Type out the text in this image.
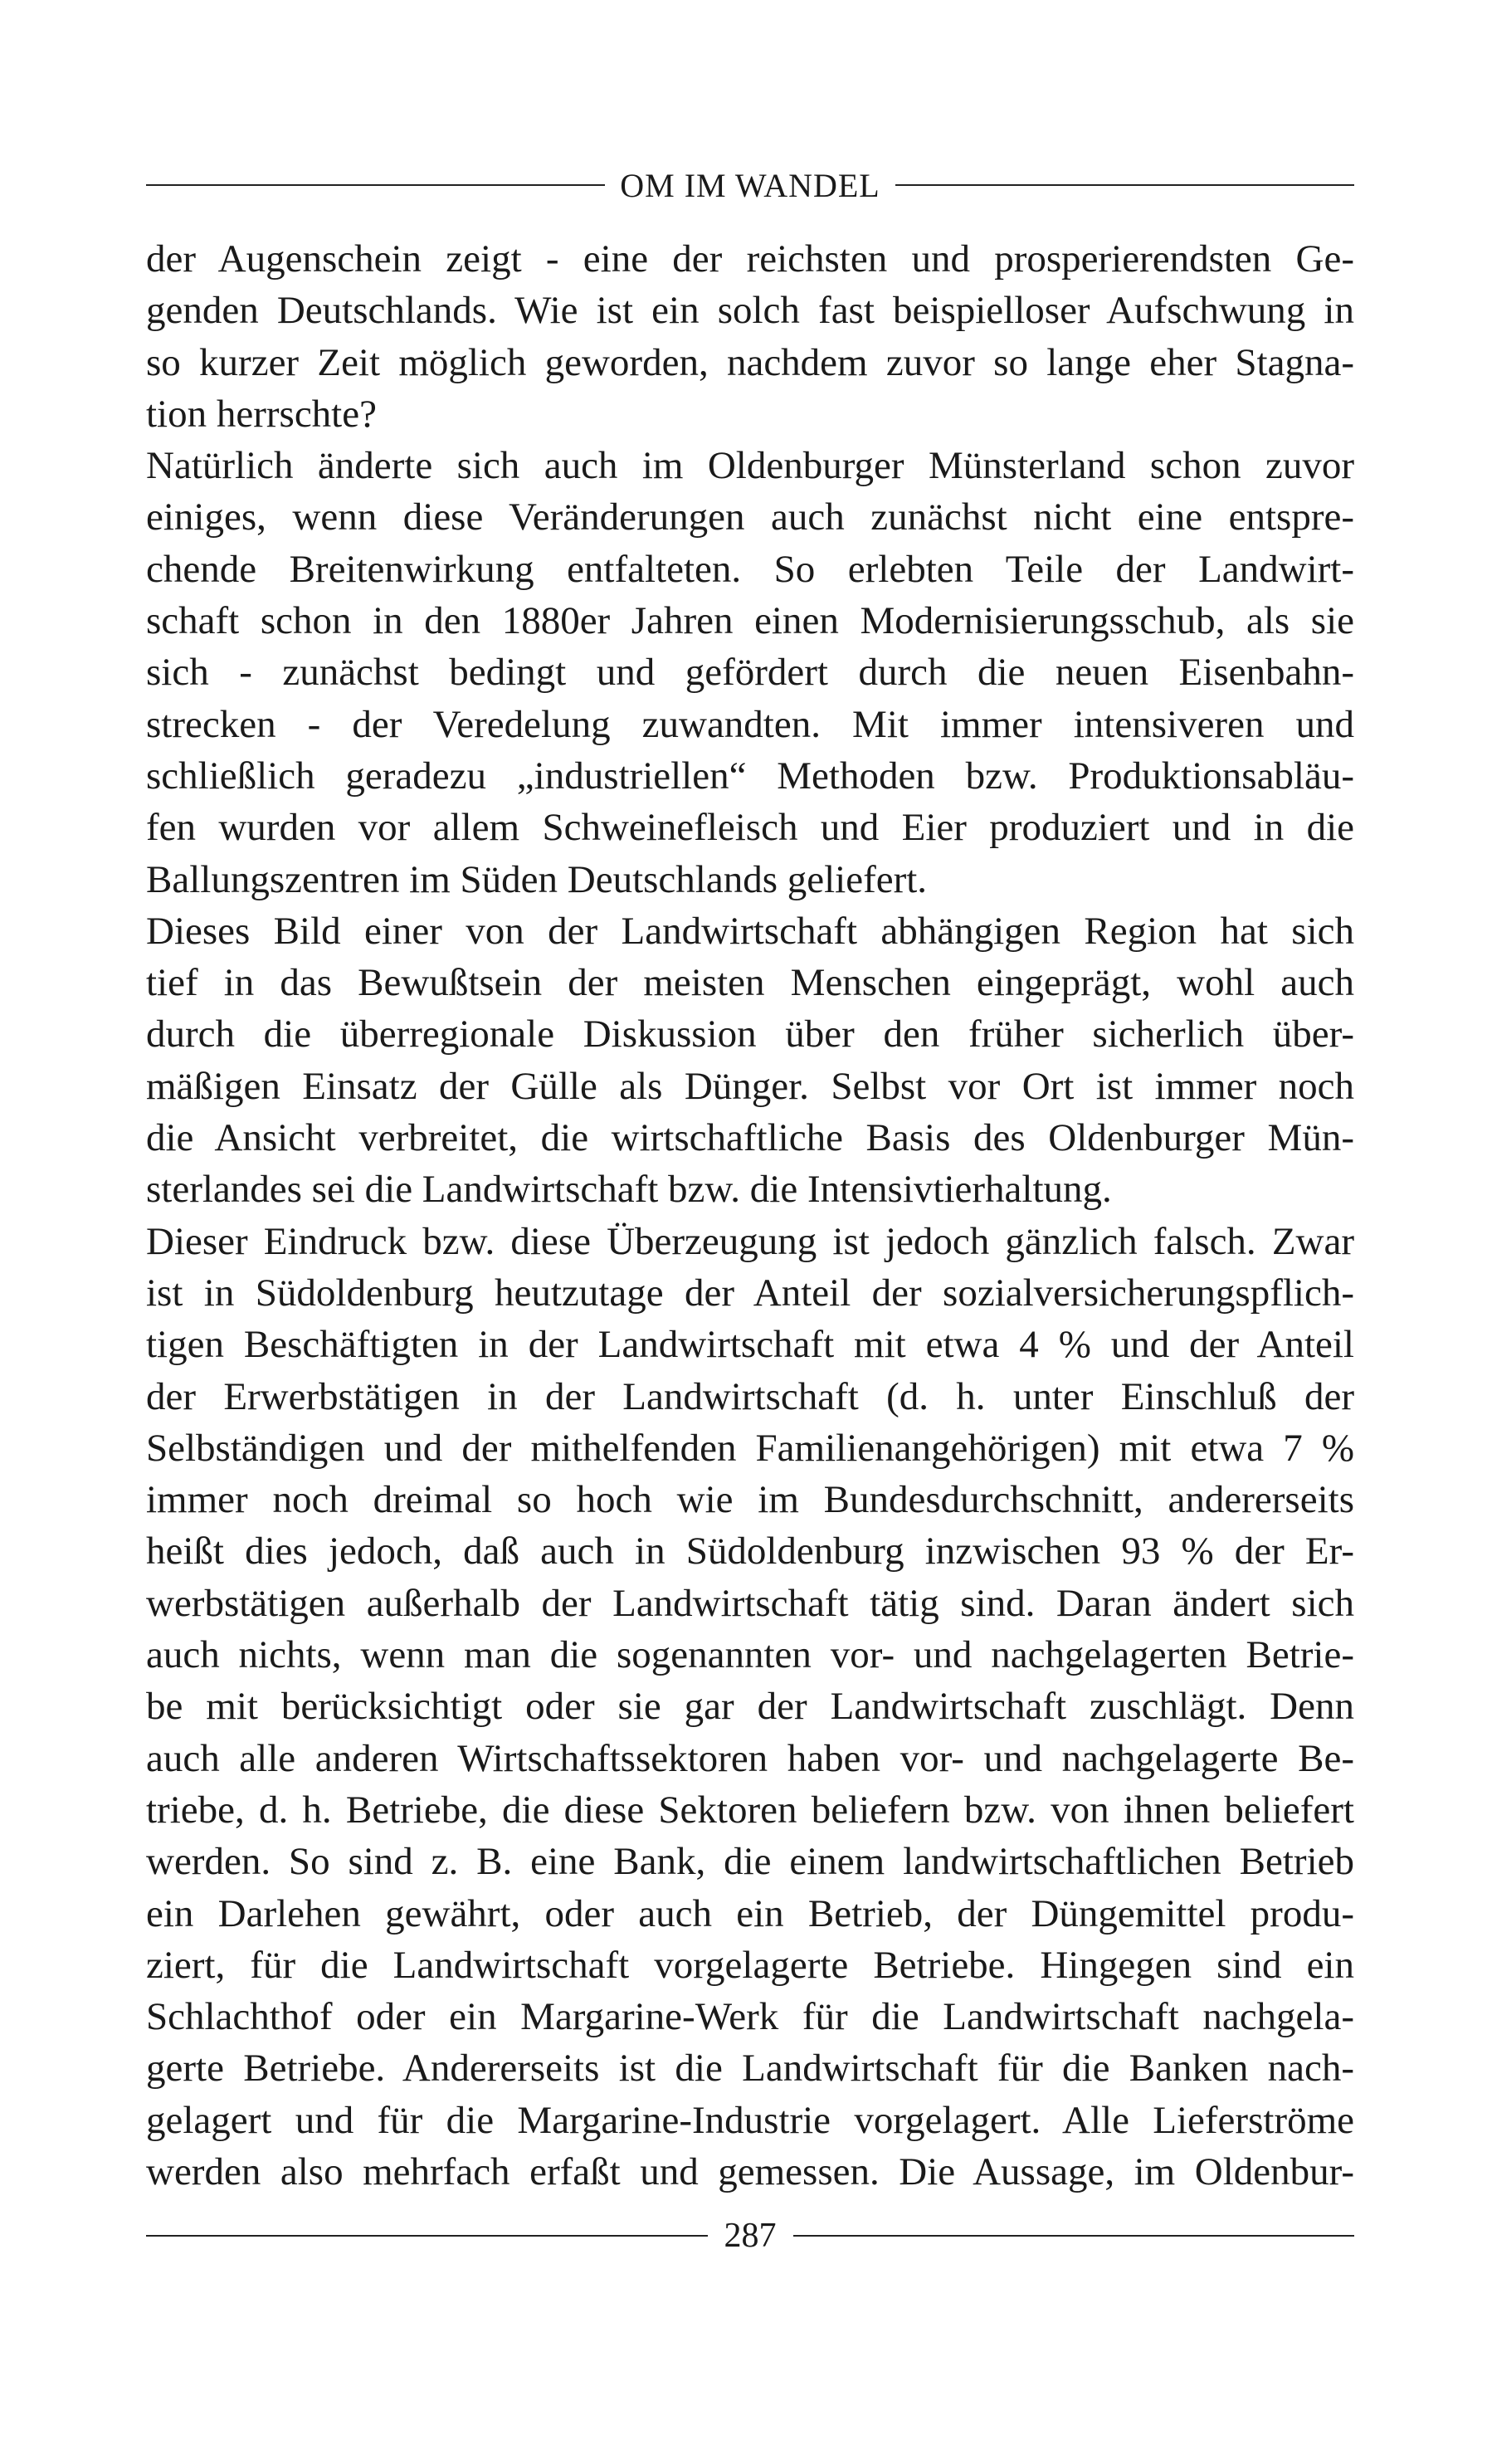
OM IM WANDEL
der Augenschein zeigt - eine der reichsten und prosperierendsten Ge-
genden Deutschlands. Wie ist ein solch fast beispielloser Aufschwung in
so kurzer Zeit möglich geworden, nachdem zuvor so lange eher Stagna-
tion herrschte?
Natürlich änderte sich auch im Oldenburger Münsterland schon zuvor
einiges, wenn diese Veränderungen auch zunächst nicht eine entspre-
chende Breitenwirkung entfalteten. So erlebten Teile der Landwirt-
schaft schon in den 1880er Jahren einen Modernisierungsschub, als sie
sich - zunächst bedingt und gefördert durch die neuen Eisenbahn-
strecken - der Veredelung zuwandten. Mit immer intensiveren und
schließlich geradezu „industriellen“ Methoden bzw. Produktionsabläu-
fen wurden vor allem Schweinefleisch und Eier produziert und in die
Ballungszentren im Süden Deutschlands geliefert.
Dieses Bild einer von der Landwirtschaft abhängigen Region hat sich
tief in das Bewußtsein der meisten Menschen eingeprägt, wohl auch
durch die überregionale Diskussion über den früher sicherlich über-
mäßigen Einsatz der Gülle als Dünger. Selbst vor Ort ist immer noch
die Ansicht verbreitet, die wirtschaftliche Basis des Oldenburger Mün-
sterlandes sei die Landwirtschaft bzw. die Intensivtierhaltung.
Dieser Eindruck bzw. diese Überzeugung ist jedoch gänzlich falsch. Zwar
ist in Südoldenburg heutzutage der Anteil der sozialversicherungspflich-
tigen Beschäftigten in der Landwirtschaft mit etwa 4 % und der Anteil
der Erwerbstätigen in der Landwirtschaft (d. h. unter Einschluß der
Selbständigen und der mithelfenden Familienangehörigen) mit etwa 7 %
immer noch dreimal so hoch wie im Bundesdurchschnitt, andererseits
heißt dies jedoch, daß auch in Südoldenburg inzwischen 93 % der Er-
werbstätigen außerhalb der Landwirtschaft tätig sind. Daran ändert sich
auch nichts, wenn man die sogenannten vor- und nachgelagerten Betrie-
be mit berücksichtigt oder sie gar der Landwirtschaft zuschlägt. Denn
auch alle anderen Wirtschaftssektoren haben vor- und nachgelagerte Be-
triebe, d. h. Betriebe, die diese Sektoren beliefern bzw. von ihnen beliefert
werden. So sind z. B. eine Bank, die einem landwirtschaftlichen Betrieb
ein Darlehen gewährt, oder auch ein Betrieb, der Düngemittel produ-
ziert, für die Landwirtschaft vorgelagerte Betriebe. Hingegen sind ein
Schlachthof oder ein Margarine-Werk für die Landwirtschaft nachgela-
gerte Betriebe. Andererseits ist die Landwirtschaft für die Banken nach-
gelagert und für die Margarine-Industrie vorgelagert. Alle Lieferströme
werden also mehrfach erfaßt und gemessen. Die Aussage, im Oldenbur-
287
